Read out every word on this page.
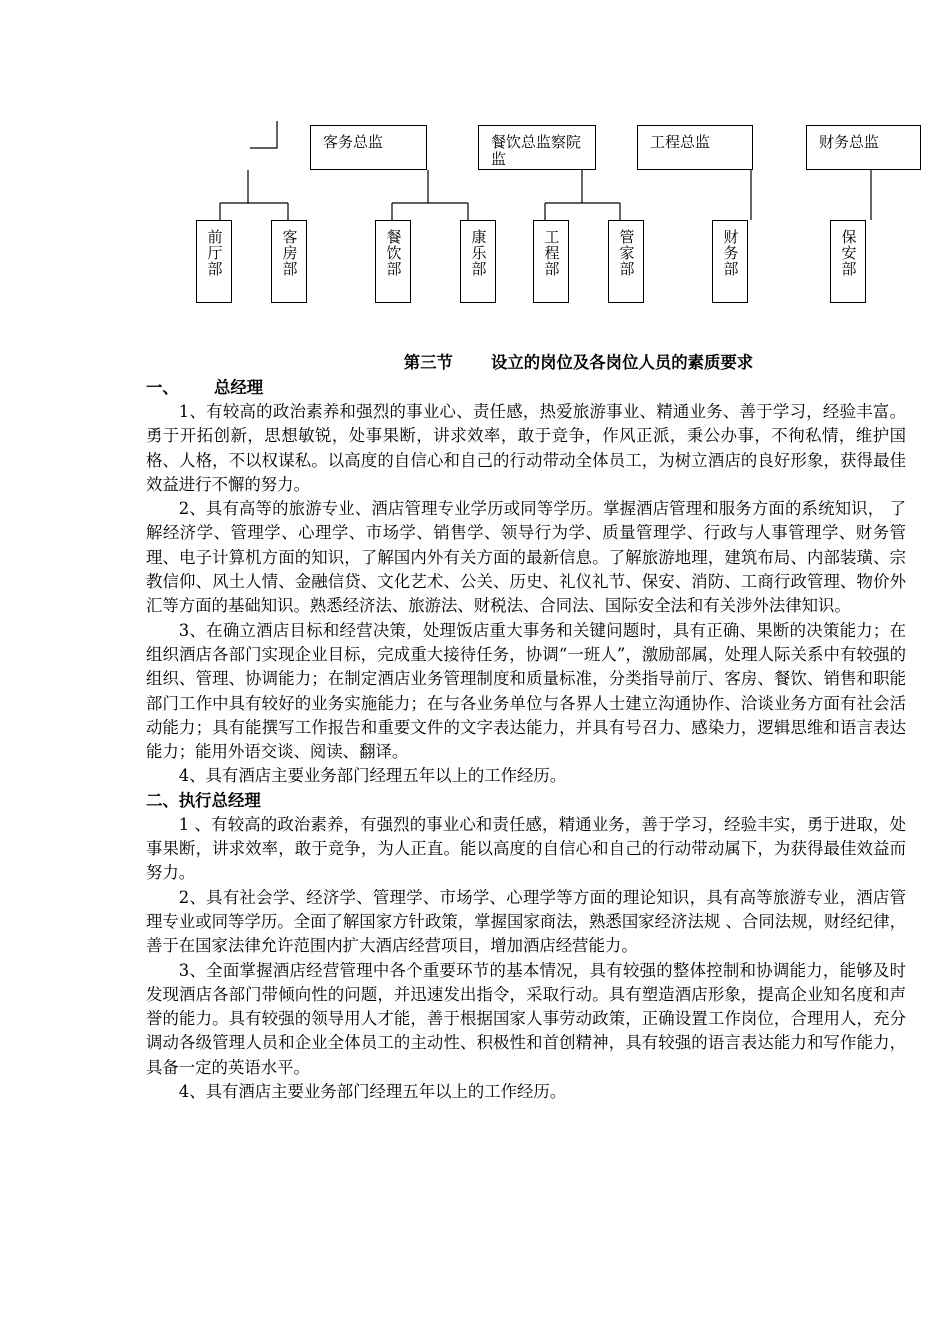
客务总监	餐饮总监察院监
工程总监	财务总监
前厅部	客房部	餐饮部	康乐部	工程部	管家部	财务部	保安部

第三节 设立的岗位及各岗位人员的素质要求

一、 总经理

1、有较高的政治素养和强烈的事业心、责任感，热爱旅游事业、精通业务、善于学习，经验丰富。勇于开拓创新，思想敏锐，处事果断，讲求效率，敢于竞争，作风正派，秉公办事，不徇私情，维护国格、人格，不以权谋私。以高度的自信心和自己的行动带动全体员工，为树立酒店的良好形象，获得最佳效益进行不懈的努力。

2、具有高等的旅游专业、酒店管理专业学历或同等学历。掌握酒店管理和服务方面的系统知识， 了解经济学、管理学、心理学、市场学、销售学、领导行为学、质量管理学、行政与人事管理学、财务管理、电子计算机方面的知识，了解国内外有关方面的最新信息。了解旅游地理，建筑布局、内部装璜、宗教信仰、风土人情、金融信贷、文化艺术、公关、历史、礼仪礼节、保安、消防、工商行政管理、物价外汇等方面的基础知识。熟悉经济法、旅游法、财税法、合同法、国际安全法和有关涉外法律知识。

3、在确立酒店目标和经营决策，处理饭店重大事务和关键问题时，具有正确、果断的决策能力；在组织酒店各部门实现企业目标，完成重大接待任务，协调“一班人”，激励部属，处理人际关系中有较强的组织、管理、协调能力；在制定酒店业务管理制度和质量标准，分类指导前厅、客房、餐饮、销售和职能部门工作中具有较好的业务实施能力；在与各业务单位与各界人士建立沟通协作、洽谈业务方面有社会活动能力；具有能撰写工作报告和重要文件的文字表达能力，并具有号召力、感染力，逻辑思维和语言表达能力；能用外语交谈、阅读、翻译。

4、具有酒店主要业务部门经理五年以上的工作经历。

二、执行总经理

1 、有较高的政治素养，有强烈的事业心和责任感，精通业务，善于学习，经验丰实，勇于进取，处事果断，讲求效率，敢于竞争，为人正直。能以高度的自信心和自己的行动带动属下，为获得最佳效益而努力。

2、具有社会学、经济学、管理学、市场学、心理学等方面的理论知识，具有高等旅游专业，酒店管理专业或同等学历。全面了解国家方针政策，掌握国家商法，熟悉国家经济法规 、合同法规，财经纪律，善于在国家法律允许范围内扩大酒店经营项目，增加酒店经营能力。

3、全面掌握酒店经营管理中各个重要环节的基本情况，具有较强的整体控制和协调能力，能够及时发现酒店各部门带倾向性的问题，并迅速发出指令，采取行动。具有塑造酒店形象，提高企业知名度和声誉的能力。具有较强的领导用人才能，善于根据国家人事劳动政策，正确设置工作岗位，合理用人，充分调动各级管理人员和企业全体员工的主动性、积极性和首创精神，具有较强的语言表达能力和写作能力，具备一定的英语水平。

4、具有酒店主要业务部门经理五年以上的工作经历。
